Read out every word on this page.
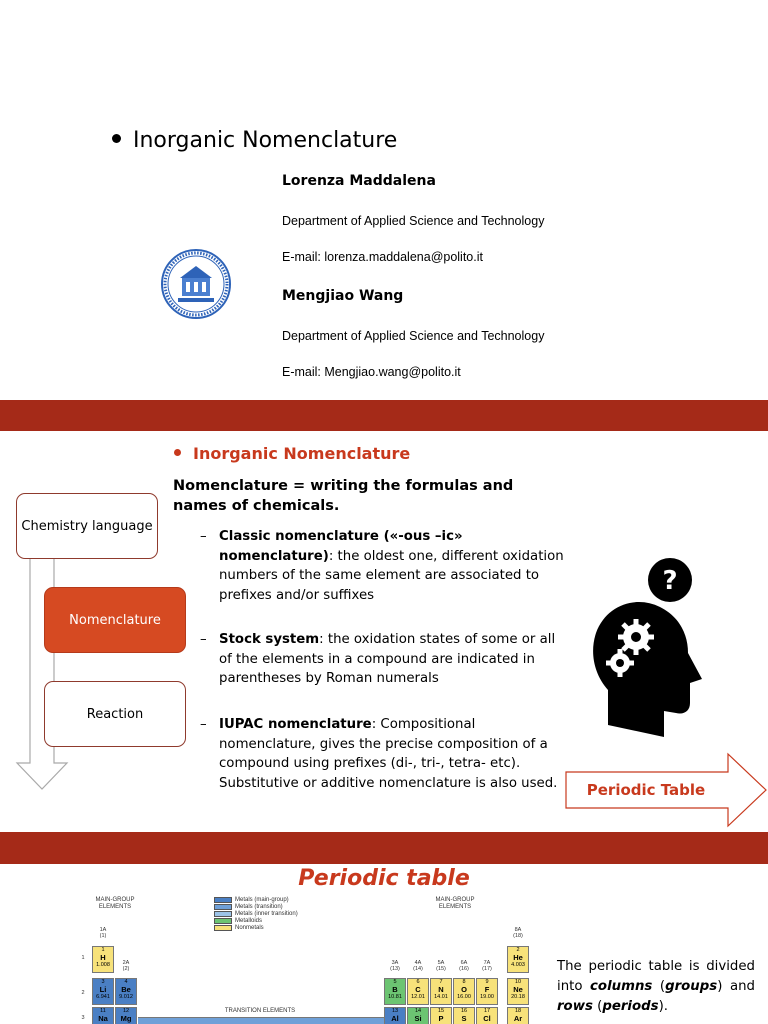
Inorganic Nomenclature
Lorenza Maddalena
Department of Applied Science and Technology
E-mail: lorenza.maddalena@polito.it
Mengjiao Wang
Department of Applied Science and Technology
E-mail: Mengjiao.wang@polito.it
Inorganic Nomenclature
Nomenclature = writing the formulas and names of chemicals.
– Classic nomenclature («-ous –ic» nomenclature): the oldest one, different oxidation numbers of the same element are associated to prefixes and/or suffixes
– Stock system: the oxidation states of some or all of the elements in a compound are indicated in parentheses by Roman numerals
– IUPAC nomenclature: Compositional nomenclature, gives the precise composition of a compound using prefixes (di-, tri-, tetra- etc). Substitutive or additive nomenclature is also used.
Chemistry language
Nomenclature
Reaction
?
Periodic Table
Periodic table
The periodic table is divided into columns (groups) and rows (periods).
MAIN-GROUP ELEMENTS
MAIN-GROUP ELEMENTS
TRANSITION ELEMENTS
Metals (main-group)
Metals (transition)
Metals (inner transition)
Metalloids
Nonmetals
1A
(1)
2A
(2)
3A
(13)
4A
(14)
5A
(15)
6A
(16)
7A
(17)
8A
(18)
1
2
3
1
H
1.008
2
He
4.003
3
Li
6.941
4
Be
9.012
5
B
10.81
6
C
12.01
7
N
14.01
8
O
16.00
9
F
19.00
10
Ne
20.18
11
Na
12
Mg
13
Al
14
Si
15
P
16
S
17
Cl
18
Ar
